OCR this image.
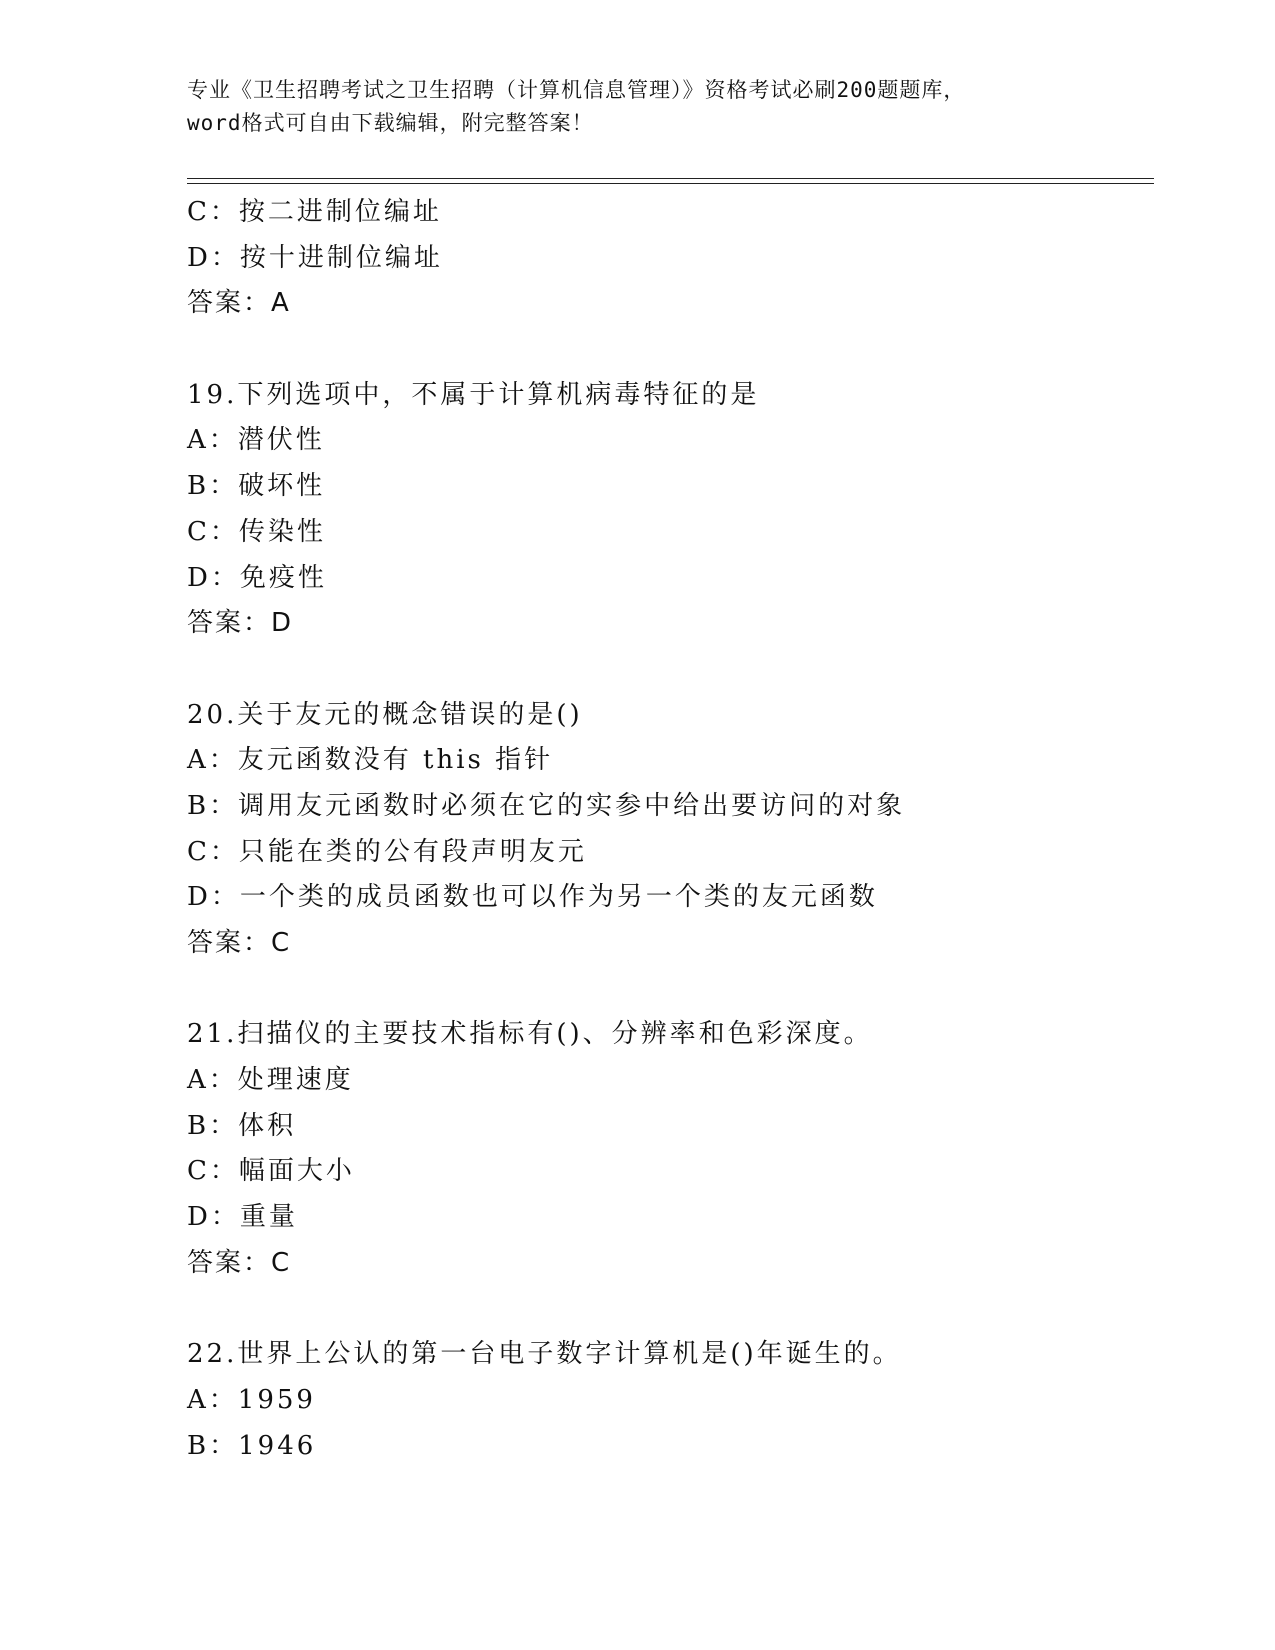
专业《卫生招聘考试之卫生招聘（计算机信息管理）》资格考试必刷200题题库，
word格式可自由下载编辑，附完整答案！
C：按二进制位编址
D：按十进制位编址
答案：A
19.下列选项中，不属于计算机病毒特征的是
A：潜伏性
B：破坏性
C：传染性
D：免疫性
答案：D
20.关于友元的概念错误的是()
A：友元函数没有 this 指针
B：调用友元函数时必须在它的实参中给出要访问的对象
C：只能在类的公有段声明友元
D：一个类的成员函数也可以作为另一个类的友元函数
答案：C
21.扫描仪的主要技术指标有()、分辨率和色彩深度。
A：处理速度
B：体积
C：幅面大小
D：重量
答案：C
22.世界上公认的第一台电子数字计算机是()年诞生的。
A：1959
B：1946
